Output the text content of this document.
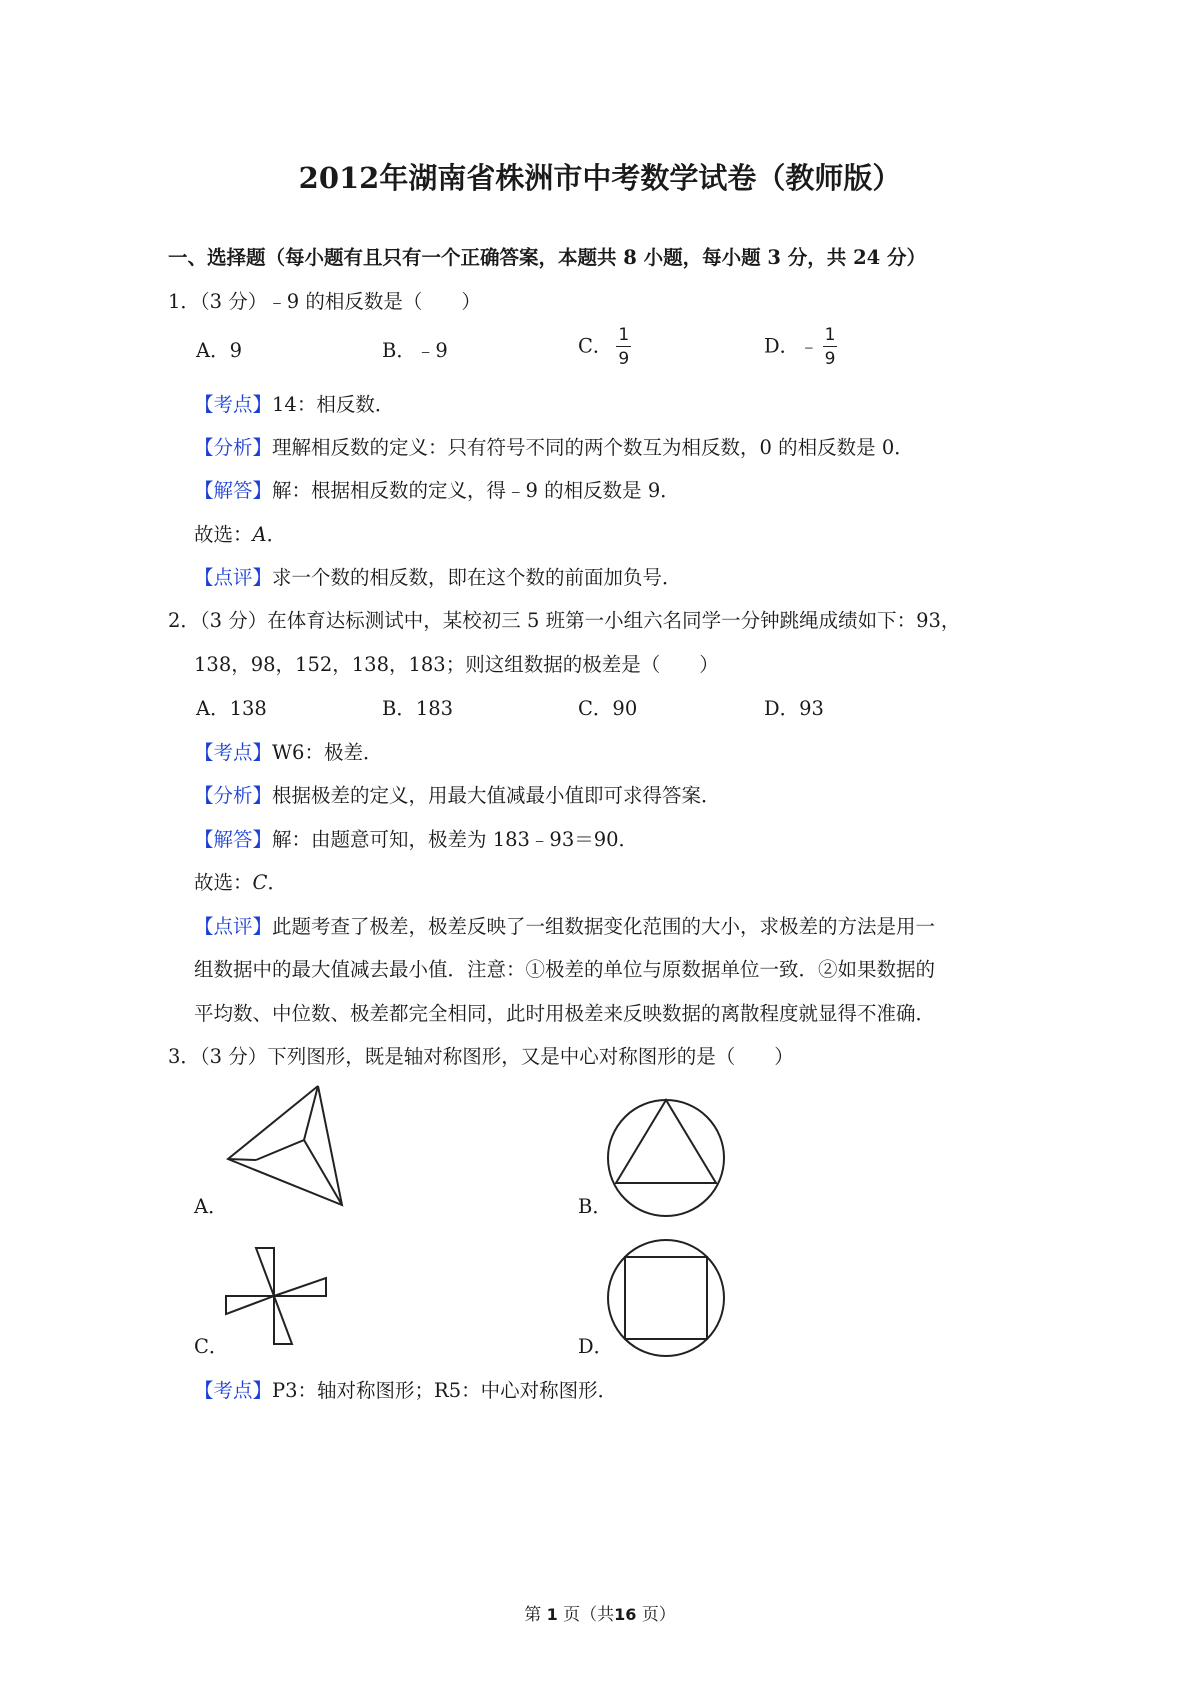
2012年湖南省株洲市中考数学试卷（教师版）
一、选择题（每小题有且只有一个正确答案，本题共 8 小题，每小题 3 分，共 24 分）
1．（3 分）﹣9 的相反数是（　　）
A．9	B．﹣9	C． $\frac{1}{9}$	D．﹣ $\frac{1}{9}$
【考点】14：相反数．
【分析】理解相反数的定义：只有符号不同的两个数互为相反数，0 的相反数是 0．
【解答】解：根据相反数的定义，得﹣9 的相反数是 9．
故选：A．
【点评】求一个数的相反数，即在这个数的前面加负号．
2．（3 分）在体育达标测试中，某校初三 5 班第一小组六名同学一分钟跳绳成绩如下：93，
138，98，152，138，183；则这组数据的极差是（　　）
A．138	B．183	C．90	D．93
【考点】W6：极差．
【分析】根据极差的定义，用最大值减最小值即可求得答案．
【解答】解：由题意可知，极差为 183﹣93＝90．
故选：C．
【点评】此题考查了极差，极差反映了一组数据变化范围的大小，求极差的方法是用一
组数据中的最大值减去最小值．注意：①极差的单位与原数据单位一致．②如果数据的
平均数、中位数、极差都完全相同，此时用极差来反映数据的离散程度就显得不准确．
3．（3 分）下列图形，既是轴对称图形，又是中心对称图形的是（　　）
A．	B．
C．	D．
【考点】P3：轴对称图形；R5：中心对称图形．
第 1 页（共16 页）
